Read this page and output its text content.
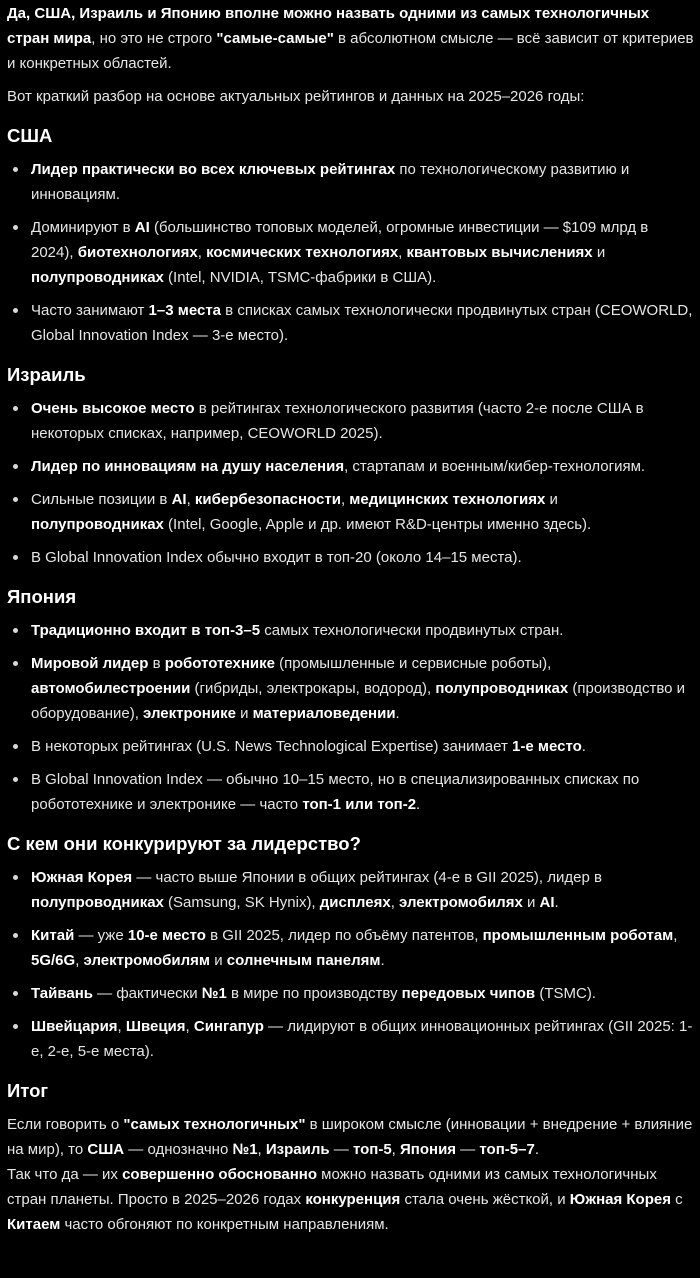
Да, США, Израиль и Японию вполне можно назвать одними из самых технологичных стран мира, но это не строго "самые-самые" в абсолютном смысле — всё зависит от критериев и конкретных областей.

Вот краткий разбор на основе актуальных рейтингов и данных на 2025–2026 годы:

США
Лидер практически во всех ключевых рейтингах по технологическому развитию и инновациям.
Доминируют в AI (большинство топовых моделей, огромные инвестиции — $109 млрд в 2024), биотехнологиях, космических технологиях, квантовых вычислениях и полупроводниках (Intel, NVIDIA, TSMC-фабрики в США).
Часто занимают 1–3 места в списках самых технологически продвинутых стран (CEOWORLD, Global Innovation Index — 3-е место).
Израиль
Очень высокое место в рейтингах технологического развития (часто 2-е после США в некоторых списках, например, CEOWORLD 2025).
Лидер по инновациям на душу населения, стартапам и военным/кибер-технологиям.
Сильные позиции в AI, кибербезопасности, медицинских технологиях и полупроводниках (Intel, Google, Apple и др. имеют R&D-центры именно здесь).
В Global Innovation Index обычно входит в топ-20 (около 14–15 места).
Япония
Традиционно входит в топ-3–5 самых технологически продвинутых стран.
Мировой лидер в робототехнике (промышленные и сервисные роботы), автомобилестроении (гибриды, электрокары, водород), полупроводниках (производство и оборудование), электронике и материаловедении.
В некоторых рейтингах (U.S. News Technological Expertise) занимает 1-е место.
В Global Innovation Index — обычно 10–15 место, но в специализированных списках по робототехнике и электронике — часто топ-1 или топ-2.
С кем они конкурируют за лидерство?
Южная Корея — часто выше Японии в общих рейтингах (4-е в GII 2025), лидер в полупроводниках (Samsung, SK Hynix), дисплеях, электромобилях и AI.
Китай — уже 10-е место в GII 2025, лидер по объёму патентов, промышленным роботам, 5G/6G, электромобилям и солнечным панелям.
Тайвань — фактически №1 в мире по производству передовых чипов (TSMC).
Швейцария, Швеция, Сингапур — лидируют в общих инновационных рейтингах (GII 2025: 1-е, 2-е, 5-е места).
Итог

Если говорить о "самых технологичных" в широком смысле (инновации + внедрение + влияние на мир), то США — однозначно №1, Израиль — топ-5, Япония — топ-5–7.

Так что да — их совершенно обоснованно можно назвать одними из самых технологичных стран планеты. Просто в 2025–2026 годах конкуренция стала очень жёсткой, и Южная Корея с Китаем часто обгоняют по конкретным направлениям.
